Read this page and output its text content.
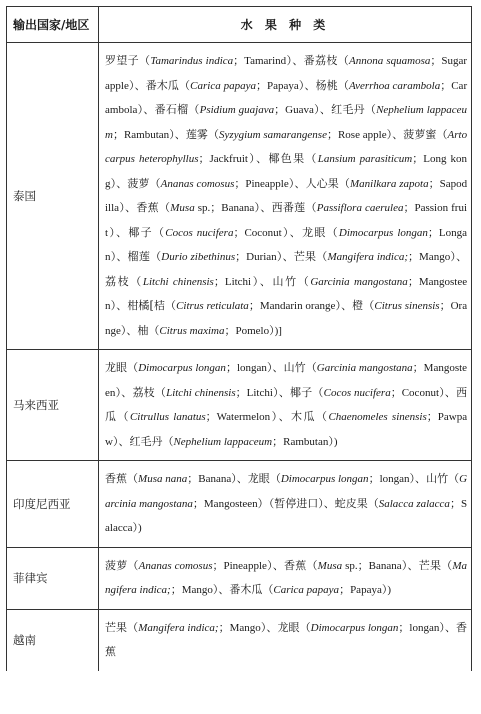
输出国家/地区	水 果 种 类
泰国	罗望子（Tamarindus indica；Tamarind）、番荔枝（Annona squamosa；Sugarapple）、番木瓜（Carica papaya；Papaya）、杨桃（Averrhoa carambola；Carambola）、番石榴（Psidium guajava；Guava）、红毛丹（Nephelium lappaceum；Rambutan）、莲雾（Syzygium samarangense；Rose apple）、菠萝蜜（Artocarpus heterophyllus；Jackfruit）、椰色果（Lansium parasiticum；Long kong）、菠萝（Ananas comosus；Pineapple）、人心果（Manilkara zapota；Sapodilla）、香蕉（Musa sp.；Banana）、西番莲（Passiflora caerulea；Passion fruit）、椰子（Cocos nucifera；Coconut）、龙眼（Dimocarpus longan；Longan）、榴莲（Durio zibethinus；Durian）、芒果（Mangifera indica;；Mango）、荔枝（Litchi chinensis；Litchi）、山竹（Garcinia mangostana；Mangosteen）、柑橘[桔（Citrus reticulata；Mandarin orange）、橙（Citrus sinensis；Orange）、柚（Citrus maxima；Pomelo）)]
马来西亚	龙眼（Dimocarpus longan；longan）、山竹（Garcinia mangostana；Mangosteen）、荔枝（Litchi chinensis；Litchi）、椰子（Cocos nucifera；Coconut）、西瓜（Citrullus lanatus；Watermelon）、木瓜（Chaenomeles sinensis；Pawpaw）、红毛丹（Nephelium lappaceum；Rambutan）)
印度尼西亚	香蕉（Musa nana；Banana）、龙眼（Dimocarpus longan；longan）、山竹（Garcinia mangostana；Mangosteen）（暂停进口）、蛇皮果（Salacca zalacca；Salacca）)
菲律宾	菠萝（Ananas comosus；Pineapple）、香蕉（Musa sp.；Banana）、芒果（Mangifera indica;；Mango）、番木瓜（Carica papaya；Papaya）)
越南	芒果（Mangifera indica;；Mango）、龙眼（Dimocarpus longan；longan）、香蕉
